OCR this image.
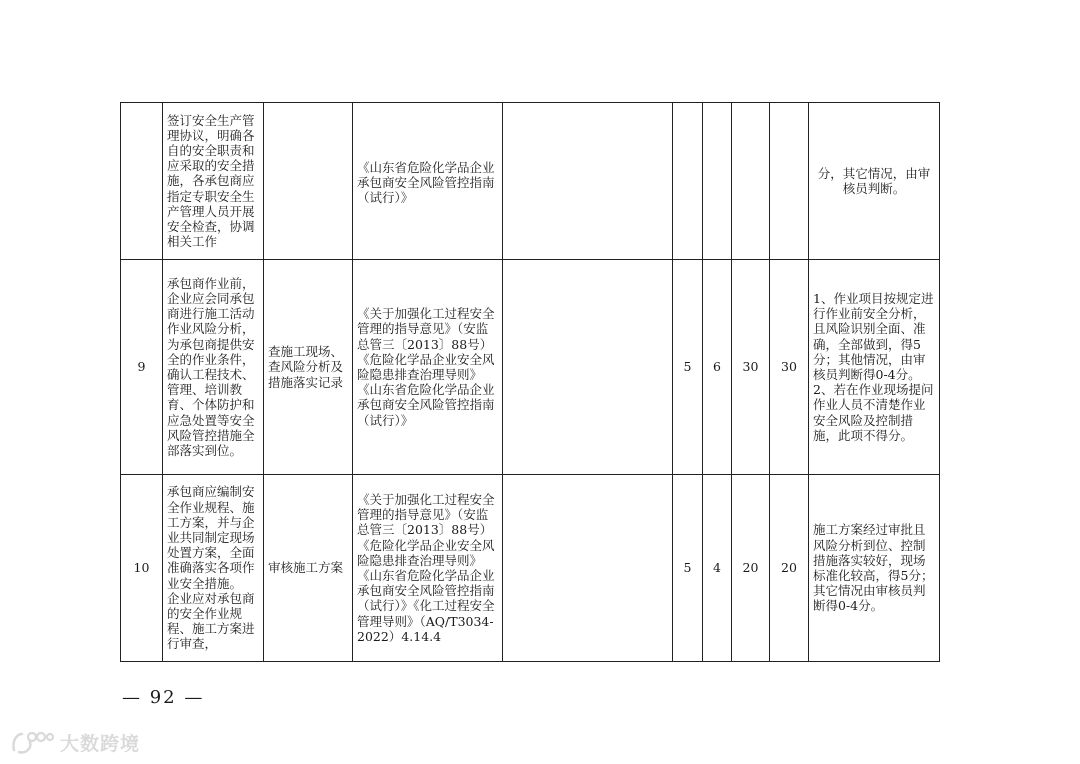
	签订安全生产管理协议，明确各自的安全职责和应采取的安全措施，各承包商应指定专职安全生产管理人员开展安全检查，协调相关工作		《山东省危险化学品企业承包商安全风险管控指南（试行）》						分，其它情况，由审核员判断。
9	承包商作业前，企业应会同承包商进行施工活动作业风险分析，为承包商提供安全的作业条件，确认工程技术、管理、培训教育、个体防护和应急处置等安全风险管控措施全部落实到位。	查施工现场、查风险分析及措施落实记录	《关于加强化工过程安全管理的指导意见》（安监总管三〔2013〕88号）《危险化学品企业安全风险隐患排查治理导则》《山东省危险化学品企业承包商安全风险管控指南（试行）》		5	6	30	30	1、作业项目按规定进行作业前安全分析，且风险识别全面、准确，全部做到，得5分；其他情况，由审核员判断得0-4分。2、若在作业现场提问作业人员不清楚作业安全风险及控制措施，此项不得分。
10	承包商应编制安全作业规程、施工方案，并与企业共同制定现场处置方案，全面准确落实各项作业安全措施。
企业应对承包商的安全作业规程、施工方案进行审查，	审核施工方案	《关于加强化工过程安全管理的指导意见》（安监总管三〔2013〕88号）《危险化学品企业安全风险隐患排查治理导则》《山东省危险化学品企业承包商安全风险管控指南（试行）》《化工过程安全管理导则》（AQ/T3034-2022）4.14.4		5	4	20	20	施工方案经过审批且风险分析到位、控制措施落实较好，现场标准化较高，得5分；其它情况由审核员判断得0-4分。
— 92 —
大数跨境
